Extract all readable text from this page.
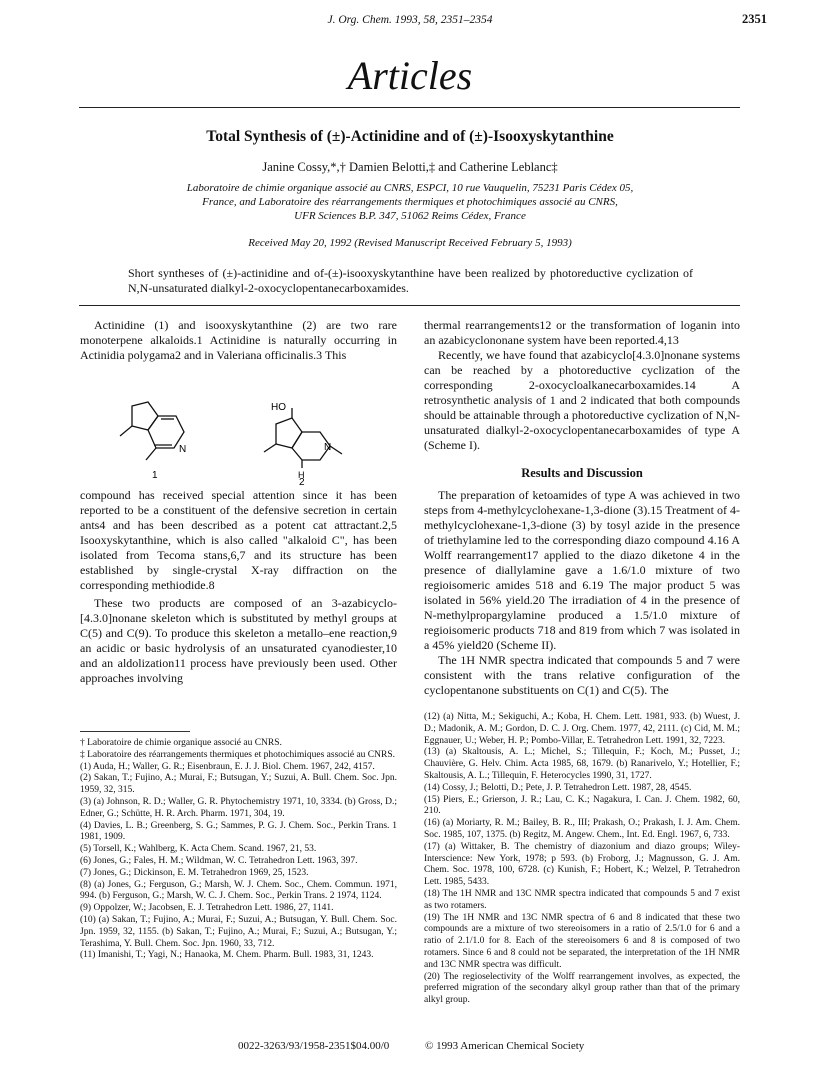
J. Org. Chem. 1993, 58, 2351–2354	2351
Articles
Total Synthesis of (±)-Actinidine and of (±)-Isooxyskytanthine
Janine Cossy,*,† Damien Belotti,‡ and Catherine Leblanc‡
Laboratoire de chimie organique associé au CNRS, ESPCI, 10 rue Vauquelin, 75231 Paris Cédex 05,
France, and Laboratoire des réarrangements thermiques et photochimiques associé au CNRS,
UFR Sciences B.P. 347, 51062 Reims Cédex, France
Received May 20, 1992 (Revised Manuscript Received February 5, 1993)
Short syntheses of (±)-actinidine and of-(±)-isooxyskytanthine have been realized by photoreductive cyclization of N,N-unsaturated dialkyl-2-oxocyclopentanecarboxamides.

Actinidine (1) and isooxyskytanthine (2) are two rare monoterpene alkaloids.1 Actinidine is naturally occurring in Actinidia polygama2 and in Valeriana officinalis.3 This

N
1
HO
N
H
2

compound has received special attention since it has been reported to be a constituent of the defensive secretion in certain ants4 and has been described as a potent cat attractant.2,5 Isooxyskytanthine, which is also called "alkaloid C", has been isolated from Tecoma stans,6,7 and its structure has been established by single-crystal X-ray diffraction on the corresponding methiodide.8

These two products are composed of an 3-azabicyclo-[4.3.0]nonane skeleton which is substituted by methyl groups at C(5) and C(9). To produce this skeleton a metallo–ene reaction,9 an acidic or basic hydrolysis of an unsaturated cyanodiester,10 and an aldolization11 process have previously been used. Other approaches involving

thermal rearrangements12 or the transformation of loganin into an azabicyclononane system have been reported.4,13

Recently, we have found that azabicyclo[4.3.0]nonane systems can be reached by a photoreductive cyclization of the corresponding 2-oxocycloalkanecarboxamides.14 A retrosynthetic analysis of 1 and 2 indicated that both compounds should be attainable through a photoreductive cyclization of N,N-unsaturated dialkyl-2-oxocyclopentanecarboxamides of type A (Scheme I).

Results and Discussion

The preparation of ketoamides of type A was achieved in two steps from 4-methylcyclohexane-1,3-dione (3).15 Treatment of 4-methylcyclohexane-1,3-dione (3) by tosyl azide in the presence of triethylamine led to the corresponding diazo compound 4.16 A Wolff rearrangement17 applied to the diazo diketone 4 in the presence of diallylamine gave a 1.6/1.0 mixture of two regioisomeric amides 518 and 6.19 The major product 5 was isolated in 56% yield.20 The irradiation of 4 in the presence of N-methylpropargylamine produced a 1.5/1.0 mixture of regioisomeric products 718 and 819 from which 7 was isolated in a 45% yield20 (Scheme II).

The 1H NMR spectra indicated that compounds 5 and 7 were consistent with the trans relative configuration of the cyclopentanone substituents on C(1) and C(5). The

† Laboratoire de chimie organique associé au CNRS.

‡ Laboratoire des réarrangements thermiques et photochimiques associé au CNRS.

(1) Auda, H.; Waller, G. R.; Eisenbraun, E. J. J. Biol. Chem. 1967, 242, 4157.

(2) Sakan, T.; Fujino, A.; Murai, F.; Butsugan, Y.; Suzui, A. Bull. Chem. Soc. Jpn. 1959, 32, 315.

(3) (a) Johnson, R. D.; Waller, G. R. Phytochemistry 1971, 10, 3334. (b) Gross, D.; Edner, G.; Schütte, H. R. Arch. Pharm. 1971, 304, 19.

(4) Davies, L. B.; Greenberg, S. G.; Sammes, P. G. J. Chem. Soc., Perkin Trans. 1 1981, 1909.

(5) Torsell, K.; Wahlberg, K. Acta Chem. Scand. 1967, 21, 53.

(6) Jones, G.; Fales, H. M.; Wildman, W. C. Tetrahedron Lett. 1963, 397.

(7) Jones, G.; Dickinson, E. M. Tetrahedron 1969, 25, 1523.

(8) (a) Jones, G.; Ferguson, G.; Marsh, W. J. Chem. Soc., Chem. Commun. 1971, 994. (b) Ferguson, G.; Marsh, W. C. J. Chem. Soc., Perkin Trans. 2 1974, 1124.

(9) Oppolzer, W.; Jacobsen, E. J. Tetrahedron Lett. 1986, 27, 1141.

(10) (a) Sakan, T.; Fujino, A.; Murai, F.; Suzui, A.; Butsugan, Y. Bull. Chem. Soc. Jpn. 1959, 32, 1155. (b) Sakan, T.; Fujino, A.; Murai, F.; Suzui, A.; Butsugan, Y.; Terashima, Y. Bull. Chem. Soc. Jpn. 1960, 33, 712.

(11) Imanishi, T.; Yagi, N.; Hanaoka, M. Chem. Pharm. Bull. 1983, 31, 1243.

(12) (a) Nitta, M.; Sekiguchi, A.; Koba, H. Chem. Lett. 1981, 933. (b) Wuest, J. D.; Madonik, A. M.; Gordon, D. C. J. Org. Chem. 1977, 42, 2111. (c) Cid, M. M.; Eggnauer, U.; Weber, H. P.; Pombo-Villar, E. Tetrahedron Lett. 1991, 32, 7223.

(13) (a) Skaltousis, A. L.; Michel, S.; Tillequin, F.; Koch, M.; Pusset, J.; Chauvière, G. Helv. Chim. Acta 1985, 68, 1679. (b) Ranarivelo, Y.; Hotellier, F.; Skaltousis, A. L.; Tillequin, F. Heterocycles 1990, 31, 1727.

(14) Cossy, J.; Belotti, D.; Pete, J. P. Tetrahedron Lett. 1987, 28, 4545.

(15) Piers, E.; Grierson, J. R.; Lau, C. K.; Nagakura, I. Can. J. Chem. 1982, 60, 210.

(16) (a) Moriarty, R. M.; Bailey, B. R., III; Prakash, O.; Prakash, I. J. Am. Chem. Soc. 1985, 107, 1375. (b) Regitz, M. Angew. Chem., Int. Ed. Engl. 1967, 6, 733.

(17) (a) Wittaker, B. The chemistry of diazonium and diazo groups; Wiley-Interscience: New York, 1978; p 593. (b) Froborg, J.; Magnusson, G. J. Am. Chem. Soc. 1978, 100, 6728. (c) Kunish, F.; Hobert, K.; Welzel, P. Tetrahedron Lett. 1985, 5433.

(18) The 1H NMR and 13C NMR spectra indicated that compounds 5 and 7 exist as two rotamers.

(19) The 1H NMR and 13C NMR spectra of 6 and 8 indicated that these two compounds are a mixture of two stereoisomers in a ratio of 2.5/1.0 for 6 and a ratio of 2.1/1.0 for 8. Each of the stereoisomers 6 and 8 is composed of two rotamers. Since 6 and 8 could not be separated, the interpretation of the 1H NMR and 13C NMR spectra was difficult.

(20) The regioselectivity of the Wolff rearrangement involves, as expected, the preferred migration of the secondary alkyl group rather than that of the primary alkyl group.

0022-3263/93/1958-2351$04.00/0	© 1993 American Chemical Society
